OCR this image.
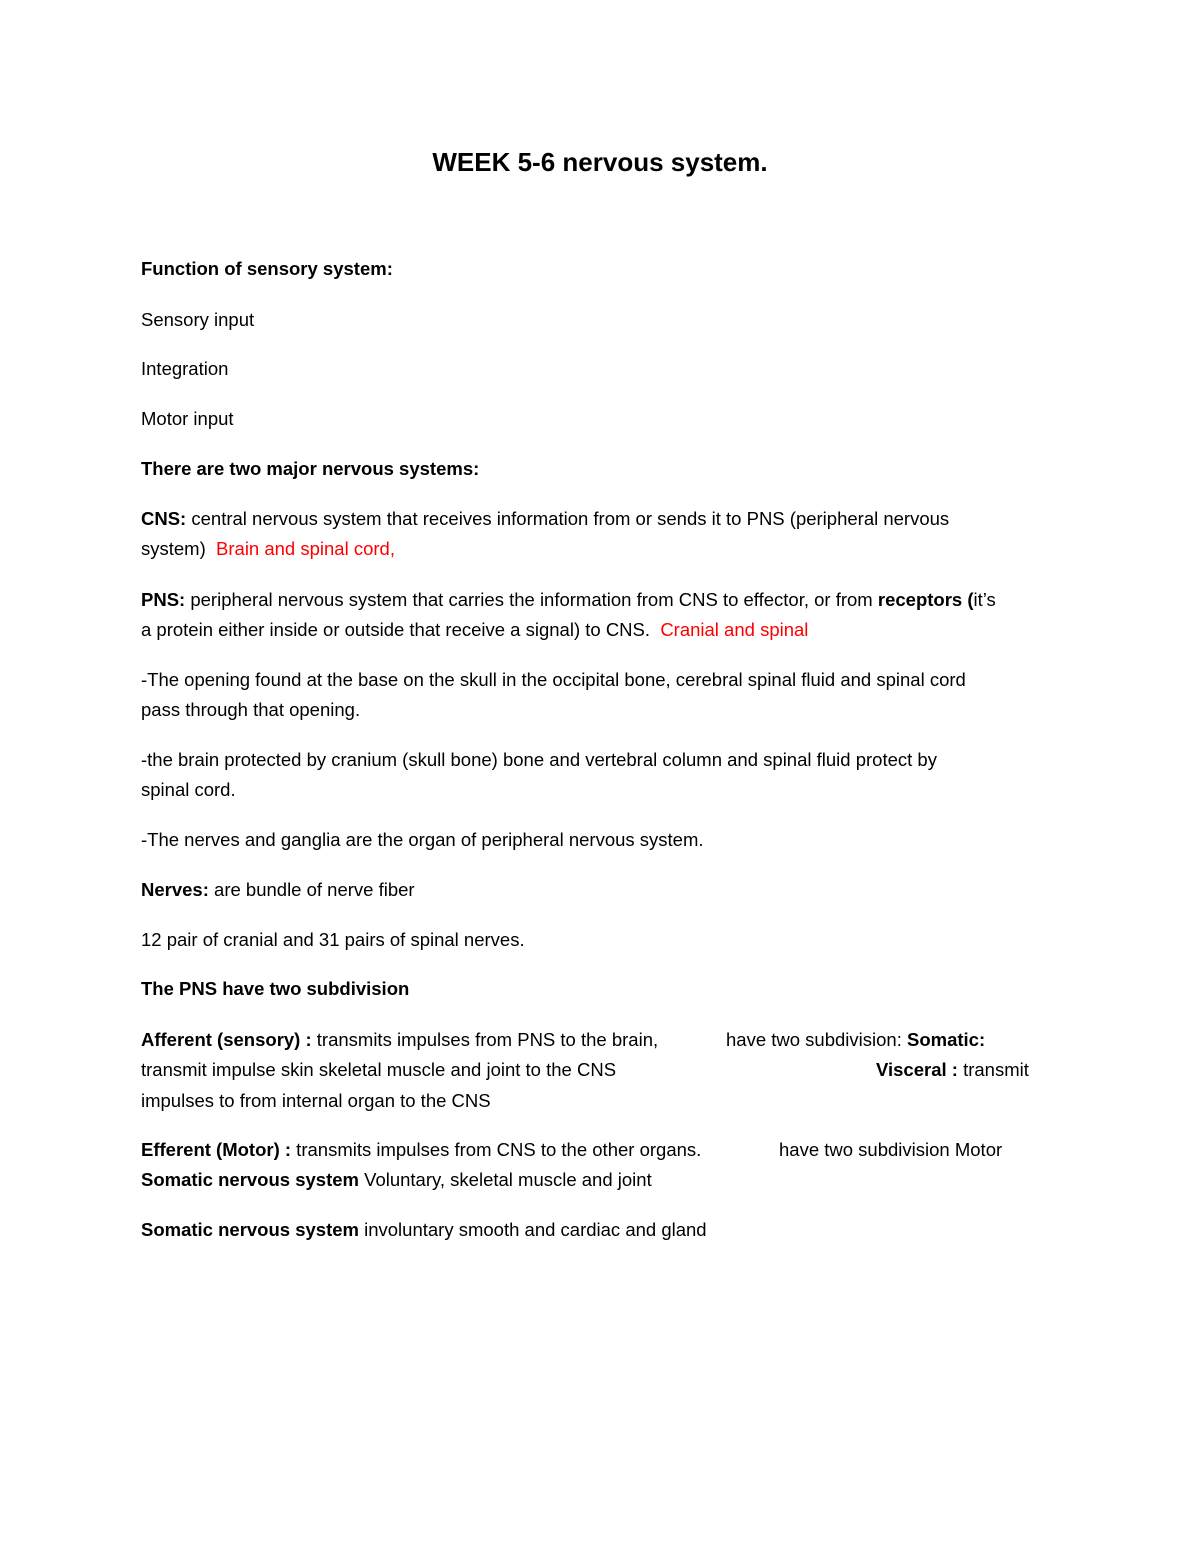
WEEK 5-6 nervous system.
Function of sensory system:
Sensory input
Integration
Motor input
There are two major nervous systems:
CNS: central nervous system that receives information from or sends it to PNS (peripheral nervous
system) Brain and spinal cord,
PNS: peripheral nervous system that carries the information from CNS to effector, or from receptors (it’s
a protein either inside or outside that receive a signal) to CNS. Cranial and spinal
-The opening found at the base on the skull in the occipital bone, cerebral spinal fluid and spinal cord
pass through that opening.
-the brain protected by cranium (skull bone) bone and vertebral column and spinal fluid protect by
spinal cord.
-The nerves and ganglia are the organ of peripheral nervous system.
Nerves: are bundle of nerve fiber
12 pair of cranial and 31 pairs of spinal nerves.
The PNS have two subdivision
Afferent (sensory) : transmits impulses from PNS to the brain,	have two subdivision: Somatic:
transmit impulse skin skeletal muscle and joint to the CNS	Visceral : transmit
impulses to from internal organ to the CNS
Efferent (Motor) : transmits impulses from CNS to the other organs.	have two subdivision Motor
Somatic nervous system Voluntary, skeletal muscle and joint
Somatic nervous system involuntary smooth and cardiac and gland
